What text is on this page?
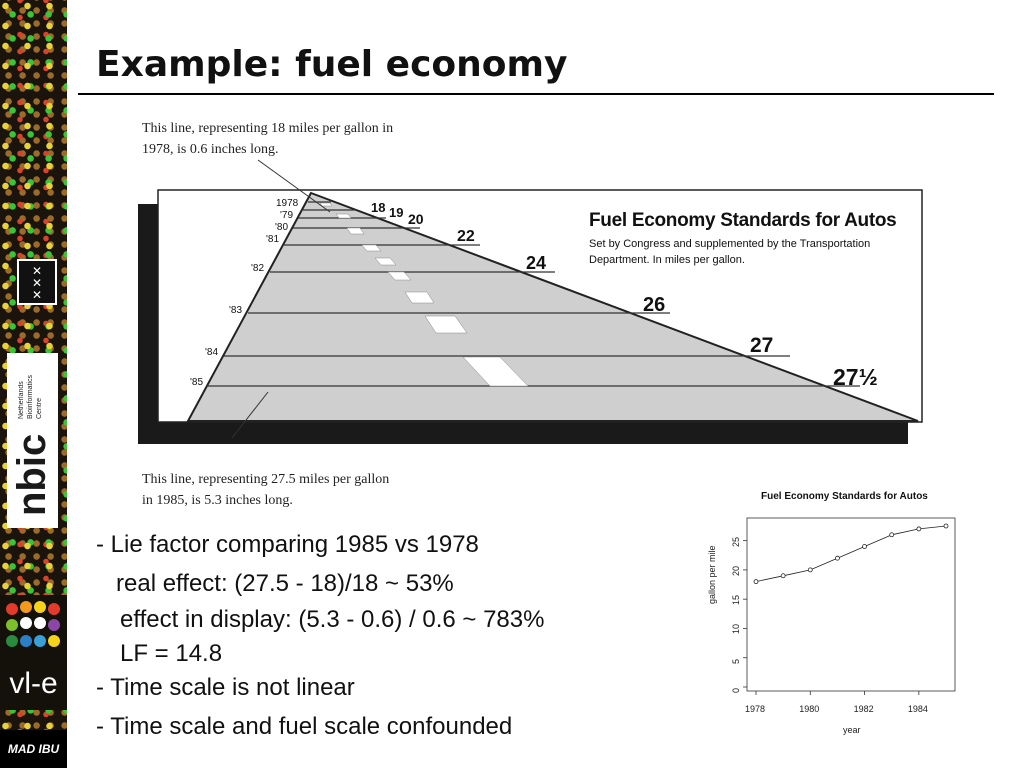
✕
✕
✕
Netherlands Bioinformatics Centre
nbic
vl-e
MAD IBU
Example: fuel economy
This line, representing 18 miles per gallon in 1978, is 0.6 inches long.
This line, representing 27.5 miles per gallon in 1985, is 5.3 inches long.
Fuel Economy Standards for Autos
Set by Congress and supplemented by the Transportation Department. In miles per gallon.
1978
'79
'80
'81
'82
'83
'84
'85
18 19 20
22
24
26
27
27½
- Lie factor comparing 1985 vs 1978
real effect: (27.5 - 18)/18 ~ 53%
effect in display: (5.3 - 0.6) / 0.6 ~ 783%
LF = 14.8
- Time scale is not linear
- Time scale and fuel scale confounded
Fuel Economy Standards for Autos
0
5
10
15
20
25
1978	1980	1982	1984
gallon per mile
year
